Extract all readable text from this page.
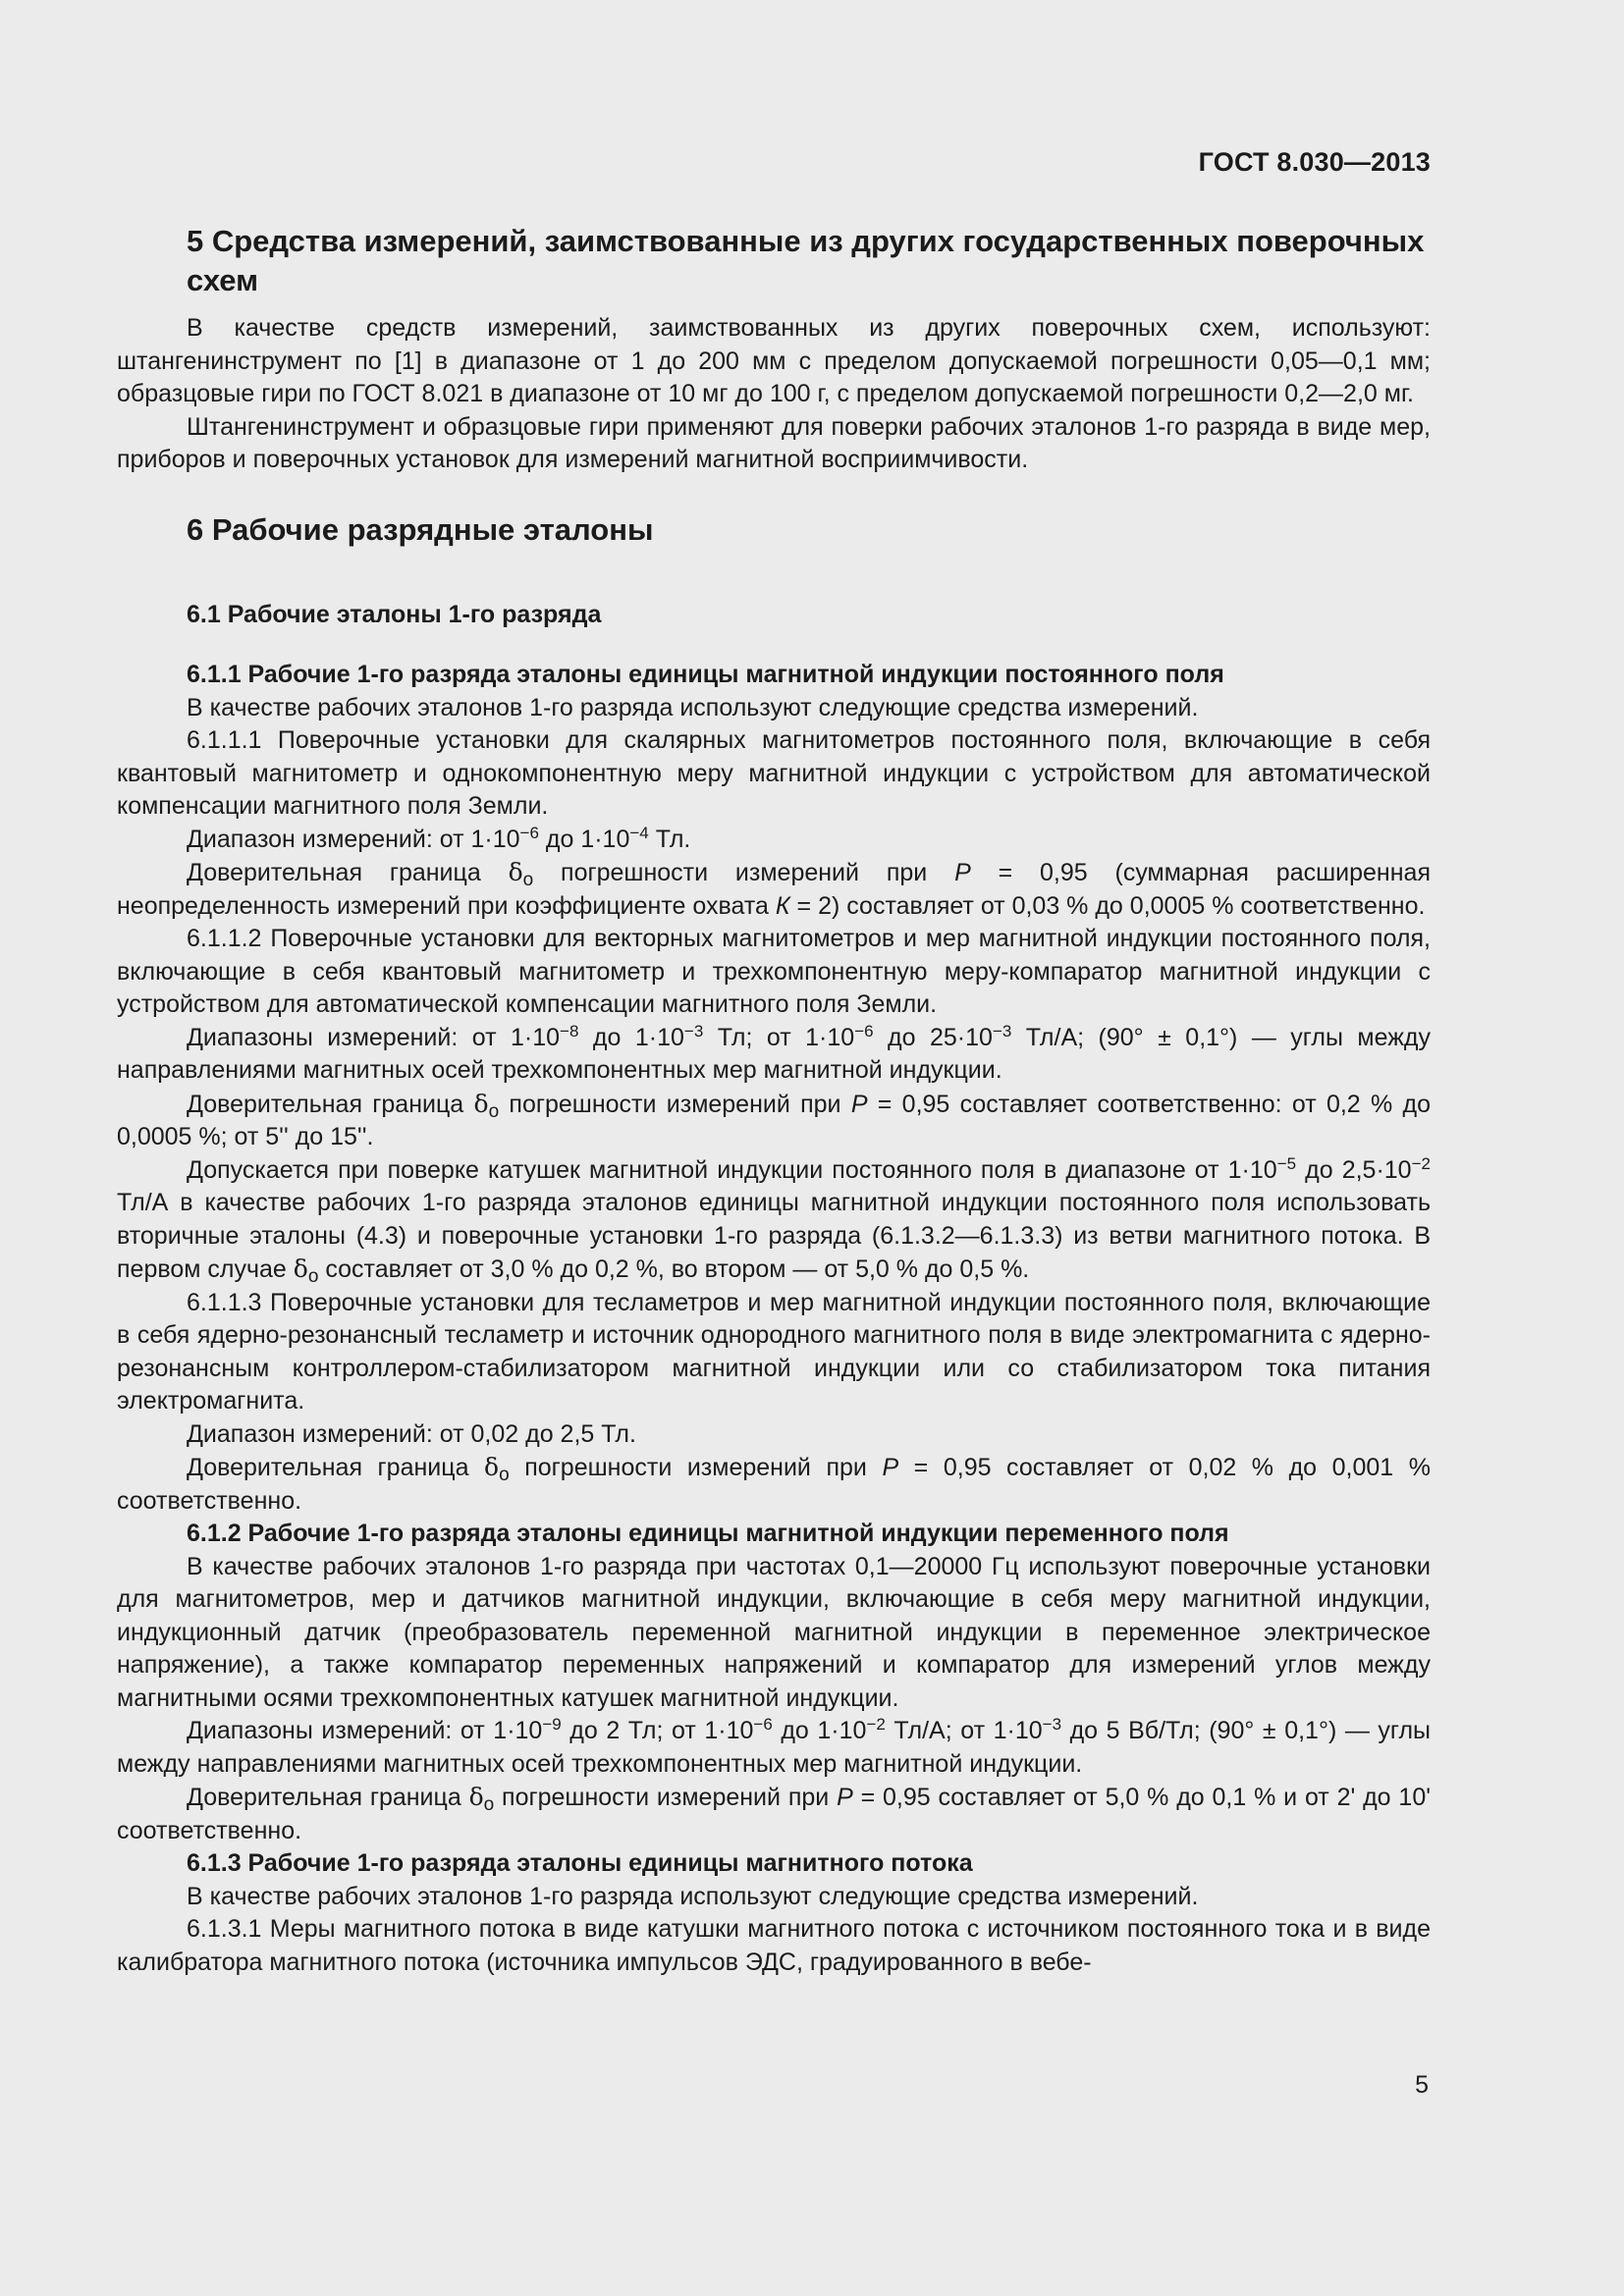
ГОСТ 8.030—2013
5 Средства измерений, заимствованные из других государственных поверочных схем

В качестве средств измерений, заимствованных из других поверочных схем, используют: штангенинструмент по [1] в диапазоне от 1 до 200 мм с пределом допускаемой погрешности 0,05—0,1 мм; образцовые гири по ГОСТ 8.021 в диапазоне от 10 мг до 100 г, с пределом допускаемой погрешности 0,2—2,0 мг.

Штангенинструмент и образцовые гири применяют для поверки рабочих эталонов 1-го разряда в виде мер, приборов и поверочных установок для измерений магнитной восприимчивости.

6 Рабочие разрядные эталоны
6.1 Рабочие эталоны 1-го разряда

6.1.1 Рабочие 1-го разряда эталоны единицы магнитной индукции постоянного поля

В качестве рабочих эталонов 1-го разряда используют следующие средства измерений.

6.1.1.1 Поверочные установки для скалярных магнитометров постоянного поля, включающие в себя квантовый магнитометр и однокомпонентную меру магнитной индукции с устройством для автоматической компенсации магнитного поля Земли.

Диапазон измерений: от $1\cdot 10^{-6}$ до $1\cdot 10^{-4}$ Тл.

Доверительная граница $\delta_о$ погрешности измерений при P = 0,95 (суммарная расширенная неопределенность измерений при коэффициенте охвата К = 2) составляет от 0,03 % до 0,0005 % соответственно.

6.1.1.2 Поверочные установки для векторных магнитометров и мер магнитной индукции постоянного поля, включающие в себя квантовый магнитометр и трехкомпонентную меру-компаратор магнитной индукции с устройством для автоматической компенсации магнитного поля Земли.

Диапазоны измерений: от $1\cdot 10^{-8}$ до $1\cdot 10^{-3}$ Тл; от $1\cdot 10^{-6}$ до $25\cdot 10^{-3}$ Тл/А; (90° ± 0,1°) — углы между направлениями магнитных осей трехкомпонентных мер магнитной индукции.

Доверительная граница $\delta_о$ погрешности измерений при P = 0,95 составляет соответственно: от 0,2 % до 0,0005 %; от 5'' до 15''.

Допускается при поверке катушек магнитной индукции постоянного поля в диапазоне от $1\cdot 10^{-5}$ до $2,5\cdot 10^{-2}$ Тл/А в качестве рабочих 1-го разряда эталонов единицы магнитной индукции постоянного поля использовать вторичные эталоны (4.3) и поверочные установки 1-го разряда (6.1.3.2—6.1.3.3) из ветви магнитного потока. В первом случае $\delta_о$ составляет от 3,0 % до 0,2 %, во втором — от 5,0 % до 0,5 %.

6.1.1.3 Поверочные установки для тесламетров и мер магнитной индукции постоянного поля, включающие в себя ядерно-резонансный тесламетр и источник однородного магнитного поля в виде электромагнита с ядерно-резонансным контроллером-стабилизатором магнитной индукции или со стабилизатором тока питания электромагнита.

Диапазон измерений: от 0,02 до 2,5 Тл.

Доверительная граница $\delta_о$ погрешности измерений при P = 0,95 составляет от 0,02 % до 0,001 % соответственно.

6.1.2 Рабочие 1-го разряда эталоны единицы магнитной индукции переменного поля

В качестве рабочих эталонов 1-го разряда при частотах 0,1—20000 Гц используют поверочные установки для магнитометров, мер и датчиков магнитной индукции, включающие в себя меру магнитной индукции, индукционный датчик (преобразователь переменной магнитной индукции в переменное электрическое напряжение), а также компаратор переменных напряжений и компаратор для измерений углов между магнитными осями трехкомпонентных катушек магнитной индукции.

Диапазоны измерений: от $1\cdot 10^{-9}$ до 2 Тл; от $1\cdot 10^{-6}$ до $1\cdot 10^{-2}$ Тл/А; от $1\cdot 10^{-3}$ до 5 Вб/Тл; (90° ± 0,1°) — углы между направлениями магнитных осей трехкомпонентных мер магнитной индукции.

Доверительная граница $\delta_о$ погрешности измерений при P = 0,95 составляет от 5,0 % до 0,1 % и от 2' до 10' соответственно.

6.1.3 Рабочие 1-го разряда эталоны единицы магнитного потока

В качестве рабочих эталонов 1-го разряда используют следующие средства измерений.

6.1.3.1 Меры магнитного потока в виде катушки магнитного потока с источником постоянного тока и в виде калибратора магнитного потока (источника импульсов ЭДС, градуированного в вебе-

5
